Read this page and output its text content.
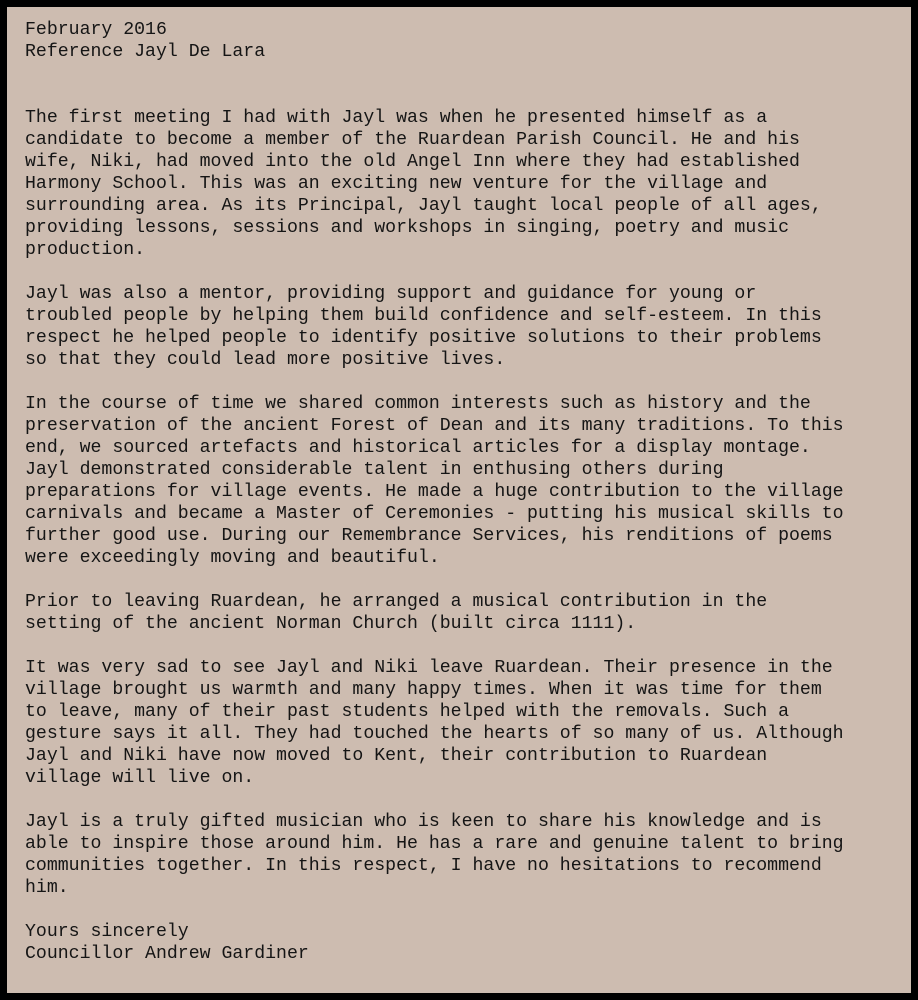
February 2016
Reference Jayl De Lara
The first meeting I had with Jayl was when he presented himself as a
candidate to become a member of the Ruardean Parish Council. He and his
wife, Niki, had moved into the old Angel Inn where they had established
Harmony School. This was an exciting new venture for the village and
surrounding area. As its Principal, Jayl taught local people of all ages,
providing lessons, sessions and workshops in singing, poetry and music
production.
Jayl was also a mentor, providing support and guidance for young or
troubled people by helping them build confidence and self-esteem. In this
respect he helped people to identify positive solutions to their problems
so that they could lead more positive lives.
In the course of time we shared common interests such as history and the
preservation of the ancient Forest of Dean and its many traditions. To this
end, we sourced artefacts and historical articles for a display montage.
Jayl demonstrated considerable talent in enthusing others during
preparations for village events. He made a huge contribution to the village
carnivals and became a Master of Ceremonies - putting his musical skills to
further good use. During our Remembrance Services, his renditions of poems
were exceedingly moving and beautiful.
Prior to leaving Ruardean, he arranged a musical contribution in the
setting of the ancient Norman Church (built circa 1111).
It was very sad to see Jayl and Niki leave Ruardean. Their presence in the
village brought us warmth and many happy times. When it was time for them
to leave, many of their past students helped with the removals. Such a
gesture says it all. They had touched the hearts of so many of us. Although
Jayl and Niki have now moved to Kent, their contribution to Ruardean
village will live on.
Jayl is a truly gifted musician who is keen to share his knowledge and is
able to inspire those around him. He has a rare and genuine talent to bring
communities together. In this respect, I have no hesitations to recommend
him.
Yours sincerely
Councillor Andrew Gardiner
